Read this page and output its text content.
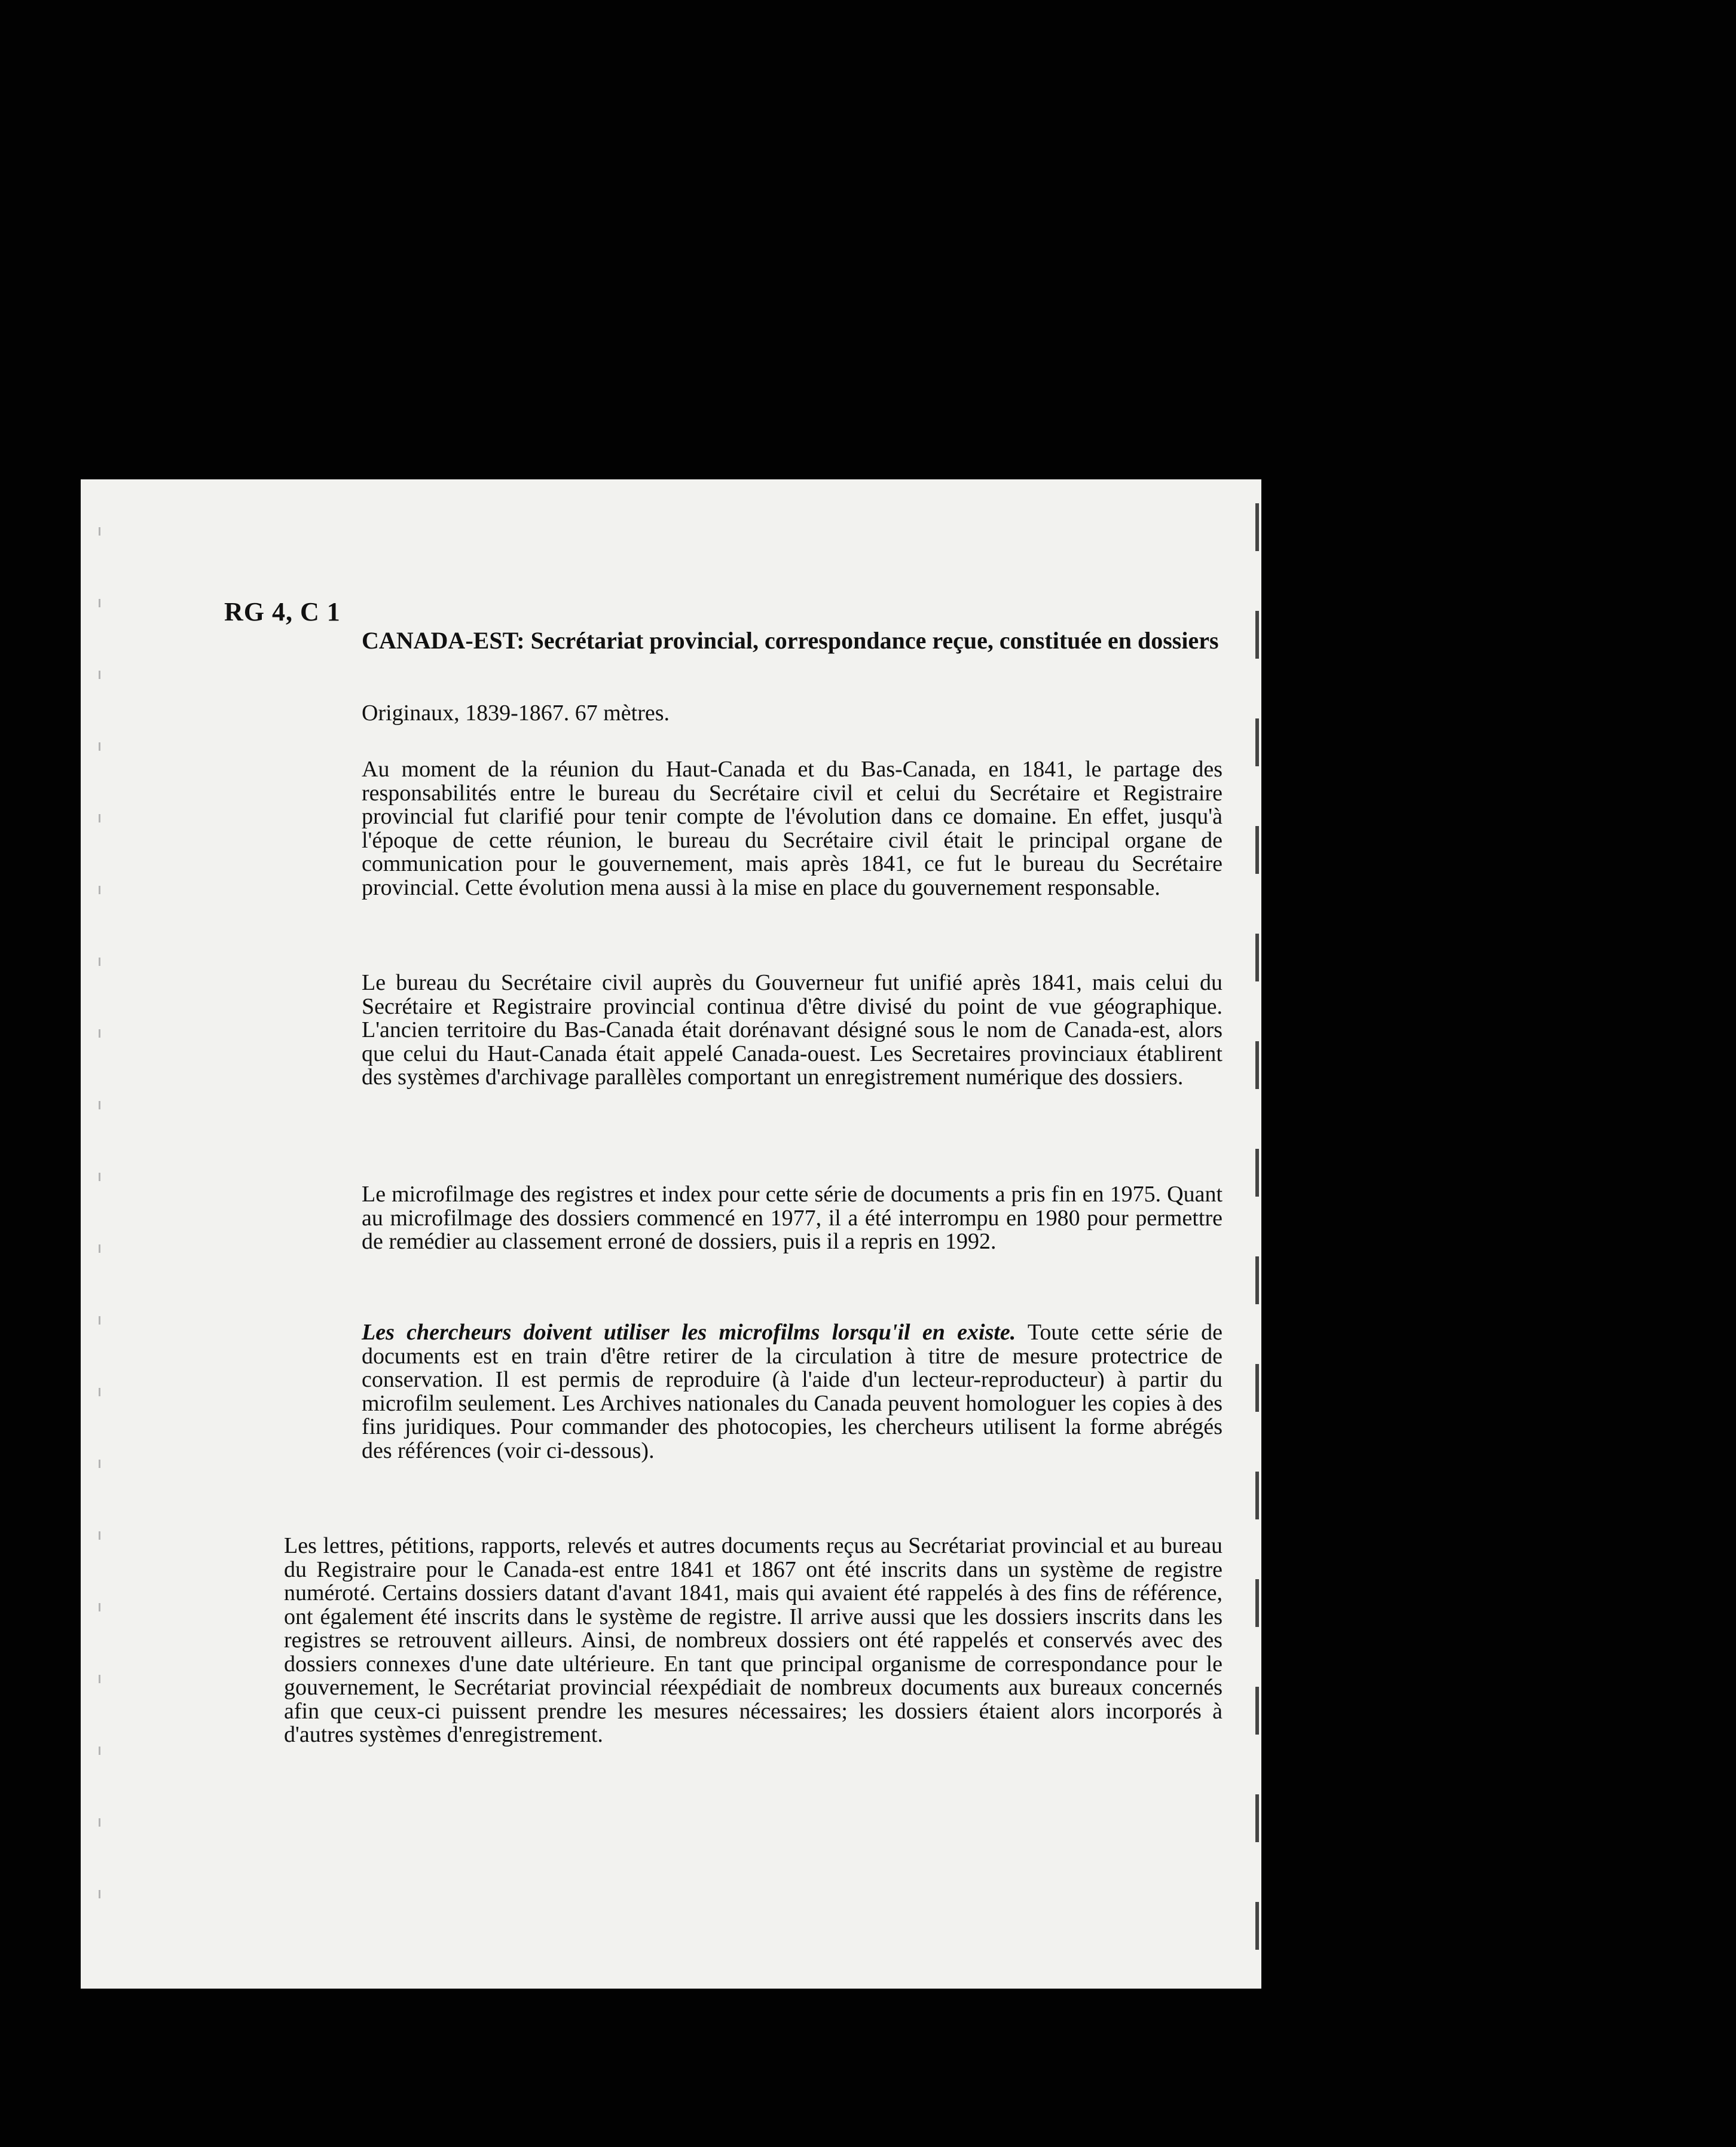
RG 4, C 1
CANADA-EST: Secrétariat provincial, correspondance reçue, constituée en dossiers
Originaux, 1839-1867. 67 mètres.
Au moment de la réunion du Haut-Canada et du Bas-Canada, en 1841, le partage des responsabilités entre le bureau du Secrétaire civil et celui du Secrétaire et Registraire provincial fut clarifié pour tenir compte de l'évolution dans ce domaine. En effet, jusqu'à l'époque de cette réunion, le bureau du Secrétaire civil était le principal organe de communication pour le gouvernement, mais après 1841, ce fut le bureau du Secrétaire provincial. Cette évolution mena aussi à la mise en place du gouvernement responsable.
Le bureau du Secrétaire civil auprès du Gouverneur fut unifié après 1841, mais celui du Secrétaire et Registraire provincial continua d'être divisé du point de vue géographique. L'ancien territoire du Bas-Canada était dorénavant désigné sous le nom de Canada-est, alors que celui du Haut-Canada était appelé Canada-ouest. Les Secretaires provinciaux établirent des systèmes d'archivage parallèles comportant un enregistrement numérique des dossiers.
Le microfilmage des registres et index pour cette série de documents a pris fin en 1975. Quant au microfilmage des dossiers commencé en 1977, il a été interrompu en 1980 pour permettre de remédier au classement erroné de dossiers, puis il a repris en 1992.
Les chercheurs doivent utiliser les microfilms lorsqu'il en existe. Toute cette série de documents est en train d'être retirer de la circulation à titre de mesure protectrice de conservation. Il est permis de reproduire (à l'aide d'un lecteur-reproducteur) à partir du microfilm seulement. Les Archives nationales du Canada peuvent homologuer les copies à des fins juridiques. Pour commander des photocopies, les chercheurs utilisent la forme abrégés des références (voir ci-dessous).
Les lettres, pétitions, rapports, relevés et autres documents reçus au Secrétariat provincial et au bureau du Registraire pour le Canada-est entre 1841 et 1867 ont été inscrits dans un système de registre numéroté. Certains dossiers datant d'avant 1841, mais qui avaient été rappelés à des fins de référence, ont également été inscrits dans le système de registre. Il arrive aussi que les dossiers inscrits dans les registres se retrouvent ailleurs. Ainsi, de nombreux dossiers ont été rappelés et conservés avec des dossiers connexes d'une date ultérieure. En tant que principal organisme de correspondance pour le gouvernement, le Secrétariat provincial réexpédiait de nombreux documents aux bureaux concernés afin que ceux-ci puissent prendre les mesures nécessaires; les dossiers étaient alors incorporés à d'autres systèmes d'enregistrement.
